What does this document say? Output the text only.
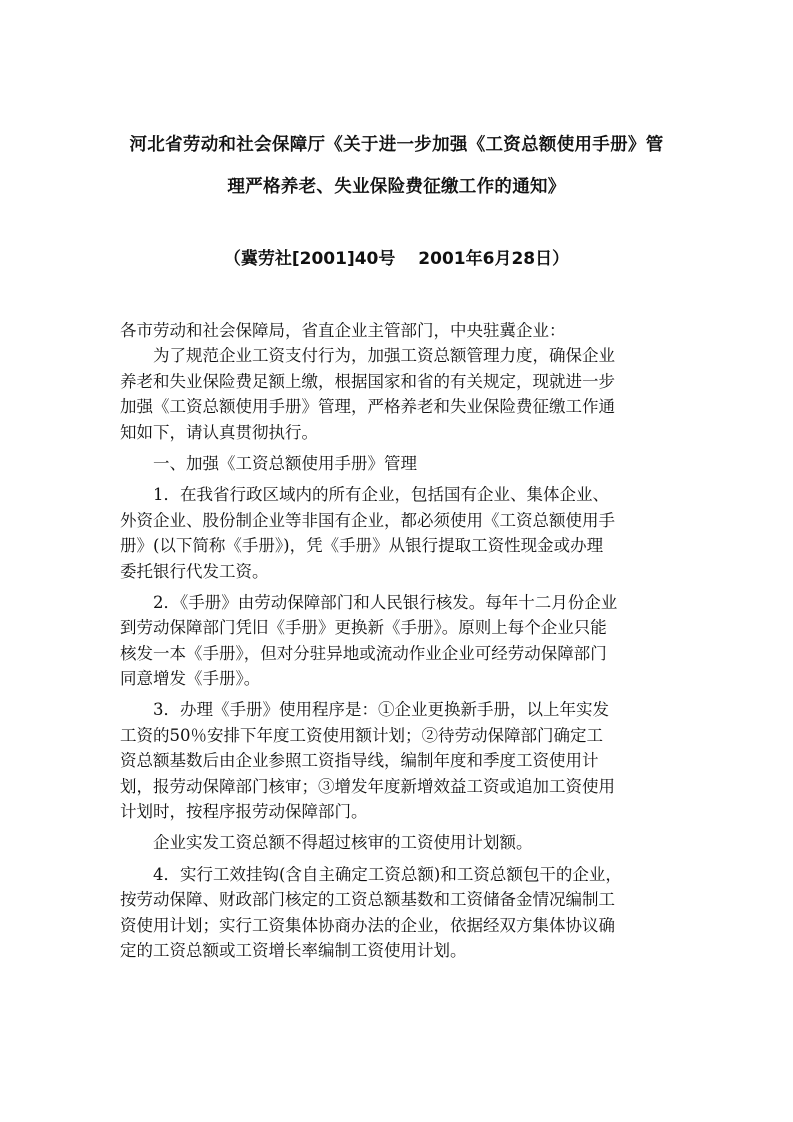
河北省劳动和社会保障厅《关于进一步加强《工资总额使用手册》管
理严格养老、失业保险费征缴工作的通知》
（冀劳社[2001]40号　 2001年6月28日）
各市劳动和社会保障局，省直企业主管部门，中央驻冀企业：

　　为了规范企业工资支付行为，加强工资总额管理力度，确保企业
养老和失业保险费足额上缴，根据国家和省的有关规定，现就进一步
加强《工资总额使用手册》管理，严格养老和失业保险费征缴工作通
知如下，请认真贯彻执行。

　　一、加强《工资总额使用手册》管理

　　1．在我省行政区域内的所有企业，包括国有企业、集体企业、
外资企业、股份制企业等非国有企业，都必须使用《工资总额使用手
册》(以下简称《手册》)，凭《手册》从银行提取工资性现金或办理
委托银行代发工资。

　　2．《手册》由劳动保障部门和人民银行核发。每年十二月份企业
到劳动保障部门凭旧《手册》更换新《手册》。原则上每个企业只能
核发一本《手册》，但对分驻异地或流动作业企业可经劳动保障部门
同意增发《手册》。

　　3．办理《手册》使用程序是：①企业更换新手册，以上年实发
工资的50％安排下年度工资使用额计划；②待劳动保障部门确定工
资总额基数后由企业参照工资指导线，编制年度和季度工资使用计
划，报劳动保障部门核审；③增发年度新增效益工资或追加工资使用
计划时，按程序报劳动保障部门。

　　企业实发工资总额不得超过核审的工资使用计划额。

　　4．实行工效挂钩(含自主确定工资总额)和工资总额包干的企业，
按劳动保障、财政部门核定的工资总额基数和工资储备金情况编制工
资使用计划；实行工资集体协商办法的企业，依据经双方集体协议确
定的工资总额或工资增长率编制工资使用计划。
